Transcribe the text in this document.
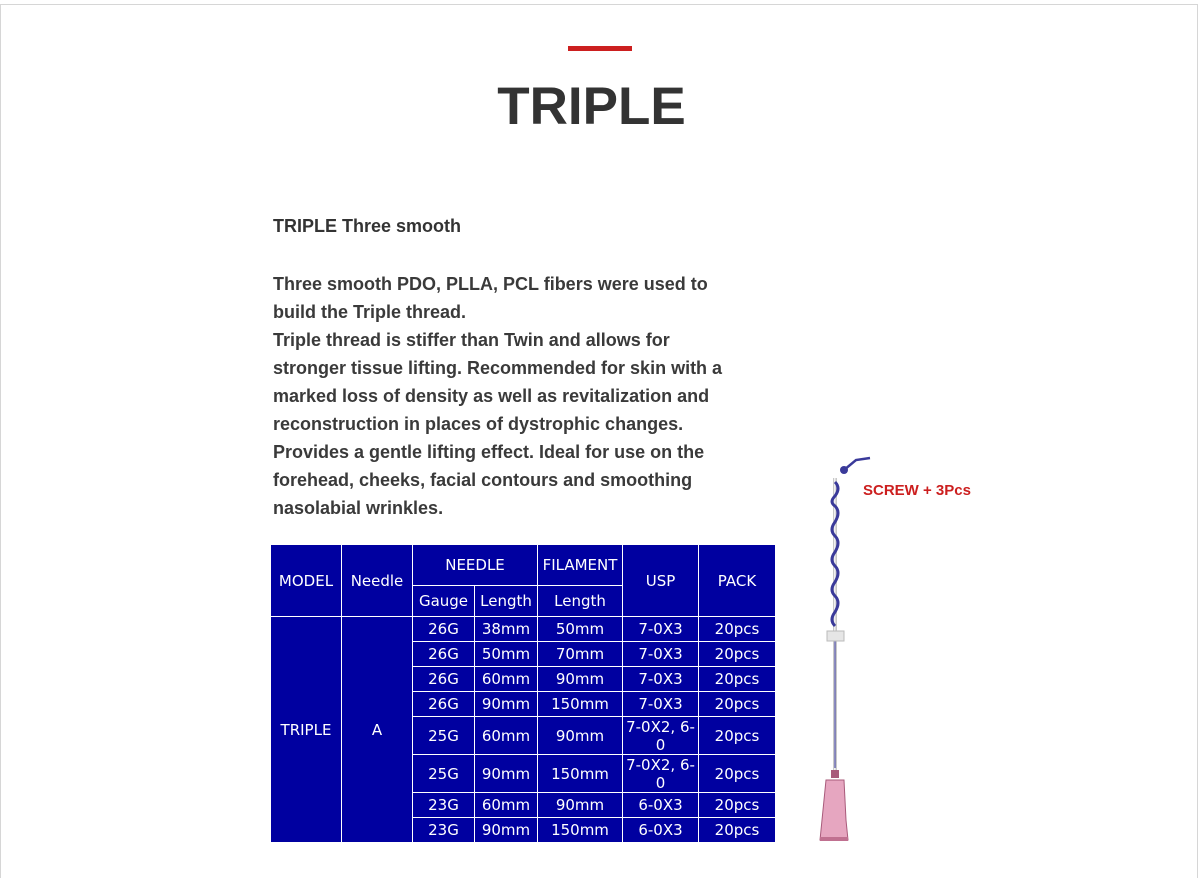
TRIPLE
TRIPLE Three smooth

Three smooth PDO, PLLA, PCL fibers were used to build the Triple thread.

Triple thread is stiffer than Twin and allows for stronger tissue lifting. Recommended for skin with a marked loss of density as well as revitalization and reconstruction in places of dystrophic changes. Provides a gentle lifting effect. Ideal for use on the forehead, cheeks, facial contours and smoothing nasolabial wrinkles.

MODEL	Needle	NEEDLE		FILAMENT	USP	PACK
		Gauge	Length	Length		
TRIPLE	A	26G	38mm	50mm	7-0X3	20pcs
		26G	50mm	70mm	7-0X3	20pcs
		26G	60mm	90mm	7-0X3	20pcs
		26G	90mm	150mm	7-0X3	20pcs
		25G	60mm	90mm	7-0X2, 6-0	20pcs
		25G	90mm	150mm	7-0X2, 6-0	20pcs
		23G	60mm	90mm	6-0X3	20pcs
		23G	90mm	150mm	6-0X3	20pcs
SCREW + 3Pcs
